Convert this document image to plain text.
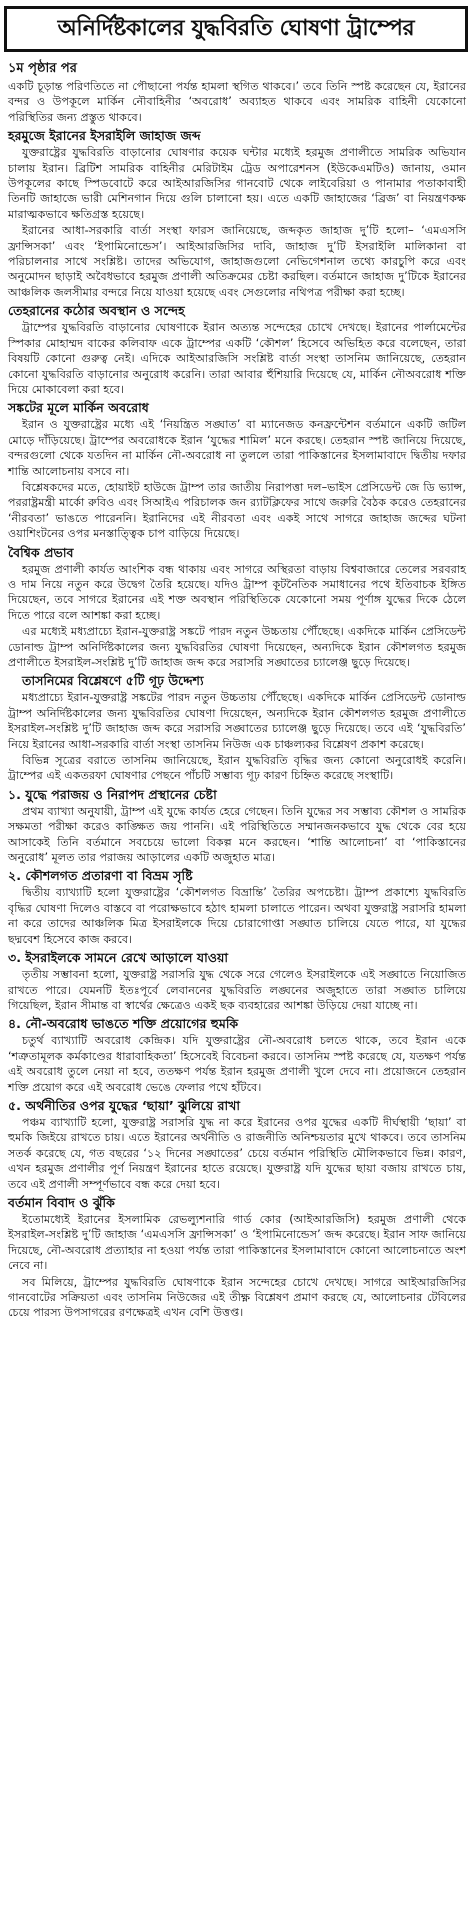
অনির্দিষ্টকালের যুদ্ধবিরতি ঘোষণা ট্রাম্পের
১ম পৃষ্ঠার পর

একটি চূড়ান্ত পরিণতিতে না পৌছানো পর্যন্ত হামলা স্থগিত থাকবে।’ তবে তিনি স্পষ্ট করেছেন যে, ইরানের বন্দর ও উপকূলে মার্কিন নৌবাহিনীর ‘অবরোধ’ অব্যাহত থাকবে এবং সামরিক বাহিনী যেকোনো পরিস্থিতির জন্য প্রস্তুত থাকবে।

হরমুজে ইরানের ইসরাইলি জাহাজ জব্দ

যুক্তরাষ্ট্রের যুদ্ধবিরতি বাড়ানোর ঘোষণার কয়েক ঘন্টার মধ্যেই হরমুজ প্রণালীতে সামরিক অভিযান চালায় ইরান। ব্রিটিশ সামরিক বাহিনীর মেরিটাইম ট্রেড অপারেশনস (ইউকেএমটিও) জানায়, ওমান উপকূলের কাছে স্পিডবোটে করে আইআরজিসির গানবোট থেকে লাইবেরিয়া ও পানামার পতাকাবাহী তিনটি জাহাজে ভারী মেশিনগান দিয়ে গুলি চালানো হয়। এতে একটি জাহাজের ‘ব্রিজ’ বা নিয়ন্ত্রণকক্ষ মারাত্মকভাবে ক্ষতিগ্রস্ত হয়েছে।

ইরানের আধা-সরকারি বার্তা সংস্থা ফারস জানিয়েছে, জব্দকৃত জাহাজ দু’টি হলো– ‘এমএসসি ফ্রান্সিসকা’ এবং ‘ইপামিনোন্ডেস’। আইআরজিসির দাবি, জাহাজ দু’টি ইসরাইলি মালিকানা বা পরিচালনার সাথে সংশ্লিষ্ট। তাদের অভিযোগ, জাহাজগুলো নেভিগেশনাল তথ্যে কারচুপি করে এবং অনুমোদন ছাড়াই অবৈধভাবে হরমুজ প্রণালী অতিক্রমের চেষ্টা করছিল। বর্তমানে জাহাজ দু’টিকে ইরানের আঞ্চলিক জলসীমার বন্দরে নিয়ে যাওয়া হয়েছে এবং সেগুলোর নথিপত্র পরীক্ষা করা হচ্ছে।

তেহরানের কঠোর অবস্থান ও সন্দেহ

ট্রাম্পের যুদ্ধবিরতি বাড়ানোর ঘোষণাকে ইরান অত্যন্ত সন্দেহের চোখে দেখছে। ইরানের পার্লামেন্টের স্পিকার মোহাম্মদ বাকের কলিবাফ একে ট্রাম্পের একটি ‘কৌশল’ হিসেবে অভিহিত করে বলেছেন, তারা বিষয়টি কোনো গুরুত্ব নেই। এদিকে আইআরজিসি সংশ্লিষ্ট বার্তা সংস্থা তাসনিম জানিয়েছে, তেহরান কোনো যুদ্ধবিরতি বাড়ানোর অনুরোধ করেনি। তারা আবার হুঁশিয়ারি দিয়েছে যে, মার্কিন নৌঅবরোধ শক্তি দিয়ে মোকাবেলা করা হবে।

সঙ্কটের মূলে মার্কিন অবরোধ

ইরান ও যুক্তরাষ্ট্রের মধ্যে এই ‘নিয়ন্ত্রিত সঙ্ঘাত’ বা ম্যানেজড কনফ্রন্টেশন বর্তমানে একটি জটিল মোড়ে দাঁড়িয়েছে। ট্রাম্পের অবরোধকে ইরান ‘যুদ্ধের শামিল’ মনে করছে। তেহরান স্পষ্ট জানিয়ে দিয়েছে, বন্দরগুলো থেকে যতদিন না মার্কিন নৌ-অবরোধ না তুললে তারা পাকিস্তানের ইসলামাবাদে দ্বিতীয় দফার শান্তি আলোচনায় বসবে না।

বিশ্লেষকদের মতে, হোয়াইট হাউজে ট্রাম্প তার জাতীয় নিরাপত্তা দল–ভাইস প্রেসিডেন্ট জে ডি ভ্যান্স, পররাষ্ট্রমন্ত্রী মার্কো রুবিও এবং সিআইএ পরিচালক জন র‍্যাটক্লিফের সাথে জরুরি বৈঠক করেও তেহরানের ‘নীরবতা’ ভাঙতে পারেননি। ইরানিদের এই নীরবতা এবং একই সাথে সাগরে জাহাজ জব্দের ঘটনা ওয়াশিংটনের ওপর মনস্তাত্ত্বিক চাপ বাড়িয়ে দিয়েছে।

বৈশ্বিক প্রভাব

হরমুজ প্রণালী কার্যত আংশিক বন্ধ থাকায় এবং সাগরে অস্থিরতা বাড়ায় বিশ্ববাজারে তেলের সরবরাহ ও দাম নিয়ে নতুন করে উদ্বেগ তৈরি হয়েছে। যদিও ট্রাম্প কূটনৈতিক সমাধানের পথে ইতিবাচক ইঙ্গিত দিয়েছেন, তবে সাগরে ইরানের এই শক্ত অবস্থান পরিস্থিতিকে যেকোনো সময় পূর্ণাঙ্গ যুদ্ধের দিকে ঠেলে দিতে পারে বলে আশঙ্কা করা হচ্ছে।

এর মধ্যেই মধ্যপ্রাচ্যে ইরান-যুক্তরাষ্ট্র সঙ্কটে পারদ নতুন উচ্চতায় পৌঁছেছে। একদিকে মার্কিন প্রেসিডেন্ট ডোনাল্ড ট্রাম্প অনির্দিষ্টকালের জন্য যুদ্ধবিরতির ঘোষণা দিয়েছেন, অন্যদিকে ইরান কৌশলগত হরমুজ প্রণালীতে ইসরাইল-সংশ্লিষ্ট দু’টি জাহাজ জব্দ করে সরাসরি সঙ্ঘাতের চ্যালেঞ্জ ছুড়ে দিয়েছে।

তাসনিমের বিশ্লেষণে ৫টি গূঢ় উদ্দেশ্য

মধ্যপ্রাচ্যে ইরান-যুক্তরাষ্ট্র সঙ্কটের পারদ নতুন উচ্চতায় পৌঁছেছে। একদিকে মার্কিন প্রেসিডেন্ট ডোনাল্ড ট্রাম্প অনির্দিষ্টকালের জন্য যুদ্ধবিরতির ঘোষণা দিয়েছেন, অন্যদিকে ইরান কৌশলগত হরমুজ প্রণালীতে ইসরাইল-সংশ্লিষ্ট দু’টি জাহাজ জব্দ করে সরাসরি সঙ্ঘাতের চ্যালেঞ্জ ছুড়ে দিয়েছে। তবে এই ‘যুদ্ধবিরতি’ নিয়ে ইরানের আধা-সরকারি বার্তা সংস্থা তাসনিম নিউজ এক চাঞ্চল্যকর বিশ্লেষণ প্রকাশ করেছে।

বিভিন্ন সূত্রের বরাতে তাসনিম জানিয়েছে, ইরান যুদ্ধবিরতি বৃদ্ধির জন্য কোনো অনুরোধই করেনি। ট্রাম্পের এই একতরফা ঘোষণার পেছনে পাঁচটি সম্ভাব্য গূঢ় কারণ চিহ্নিত করেছে সংস্থাটি।

১. যুদ্ধে পরাজয় ও নিরাপদ প্রস্থানের চেষ্টা

প্রথম ব্যাখ্যা অনুযায়ী, ট্রাম্প এই যুদ্ধে কার্যত হেরে গেছেন। তিনি যুদ্ধের সব সম্ভাব্য কৌশল ও সামরিক সক্ষমতা পরীক্ষা করেও কাঙ্ক্ষিত জয় পাননি। এই পরিস্থিতিতে সম্মানজনকভাবে যুদ্ধ থেকে বের হয়ে আসাকেই তিনি বর্তমানে সবচেয়ে ভালো বিকল্প মনে করছেন। ‘শান্তি আলোচনা’ বা ‘পাকিস্তানের অনুরোধ’ মূলত তার পরাজয় আড়ালের একটি অজুহাত মাত্র।

২. কৌশলগত প্রতারণা বা বিভ্রম সৃষ্টি

দ্বিতীয় ব্যাখ্যাটি হলো যুক্তরাষ্ট্রের ‘কৌশলগত বিভ্রান্তি’ তৈরির অপচেষ্টা। ট্রাম্প প্রকাশ্যে যুদ্ধবিরতি বৃদ্ধির ঘোষণা দিলেও বাস্তবে বা পরোক্ষভাবে হঠাৎ হামলা চালাতে পারেন। অথবা যুক্তরাষ্ট্র সরাসরি হামলা না করে তাদের আঞ্চলিক মিত্র ইসরাইলকে দিয়ে চোরাগোপ্তা সঙ্ঘাত চালিয়ে যেতে পারে, যা যুদ্ধের ছদ্মবেশ হিসেবে কাজ করবে।

৩. ইসরাইলকে সামনে রেখে আড়ালে যাওয়া

তৃতীয় সম্ভাবনা হলো, যুক্তরাষ্ট্র সরাসরি যুদ্ধ থেকে সরে গেলেও ইসরাইলকে এই সঙ্ঘাতে নিয়োজিত রাখতে পারে। যেমনটি ইতঃপূর্বে লেবাননের যুদ্ধবিরতি লঙ্ঘনের অজুহাতে তারা সঙ্ঘাত চালিয়ে গিয়েছিল, ইরান সীমান্ত বা স্বার্থের ক্ষেত্রেও একই ছক ব্যবহারের আশঙ্কা উড়িয়ে দেয়া যাচ্ছে না।

৪. নৌ-অবরোধ ভাঙতে শক্তি প্রয়োগের হুমকি

চতুর্থ ব্যাখ্যাটি অবরোধ কেন্দ্রিক। যদি যুক্তরাষ্ট্রের নৌ-অবরোধ চলতে থাকে, তবে ইরান একে ‘শত্রুতামূলক কর্মকাণ্ডের ধারাবাহিকতা’ হিসেবেই বিবেচনা করবে। তাসনিম স্পষ্ট করেছে যে, যতক্ষণ পর্যন্ত এই অবরোধ তুলে নেয়া না হবে, ততক্ষণ পর্যন্ত ইরান হরমুজ প্রণালী খুলে দেবে না। প্রয়োজনে তেহরান শক্তি প্রয়োগ করে এই অবরোধ ভেঙে ফেলার পথে হাঁটবে।

৫. অর্থনীতির ওপর যুদ্ধের ‘ছায়া’ ঝুলিয়ে রাখা

পঞ্চম ব্যাখ্যাটি হলো, যুক্তরাষ্ট্র সরাসরি যুদ্ধ না করে ইরানের ওপর যুদ্ধের একটি দীর্ঘস্থায়ী ‘ছায়া’ বা হুমকি জিইয়ে রাখতে চায়। এতে ইরানের অর্থনীতি ও রাজনীতি অনিশ্চয়তার মুখে থাকবে। তবে তাসনিম সতর্ক করেছে যে, গত বছরের ‘১২ দিনের সঙ্ঘাতের’ চেয়ে বর্তমান পরিস্থিতি মৌলিকভাবে ভিন্ন। কারণ, এখন হরমুজ প্রণালীর পূর্ণ নিয়ন্ত্রণ ইরানের হাতে রয়েছে। যুক্তরাষ্ট্র যদি যুদ্ধের ছায়া বজায় রাখতে চায়, তবে এই প্রণালী সম্পূর্ণভাবে বন্ধ করে দেয়া হবে।

বর্তমান বিবাদ ও ঝুঁকি

ইতোমধ্যেই ইরানের ইসলামিক রেভল্যুশনারি গার্ড কোর (আইআরজিসি) হরমুজ প্রণালী থেকে ইসরাইল-সংশ্লিষ্ট দু’টি জাহাজ ‘এমএসসি ফ্রান্সিসকা’ ও ‘ইপামিনোন্ডেস’ জব্দ করেছে। ইরান সাফ জানিয়ে দিয়েছে, নৌ-অবরোধ প্রত্যাহার না হওয়া পর্যন্ত তারা পাকিস্তানের ইসলামাবাদে কোনো আলোচনাতে অংশ নেবে না।

সব মিলিয়ে, ট্রাম্পের যুদ্ধবিরতি ঘোষণাকে ইরান সন্দেহের চোখে দেখছে। সাগরে আইআরজিসির গানবোটের সক্রিয়তা এবং তাসনিম নিউজের এই তীক্ষ্ণ বিশ্লেষণ প্রমাণ করছে যে, আলোচনার টেবিলের চেয়ে পারস্য উপসাগরের রণক্ষেত্রই এখন বেশি উত্তপ্ত।
